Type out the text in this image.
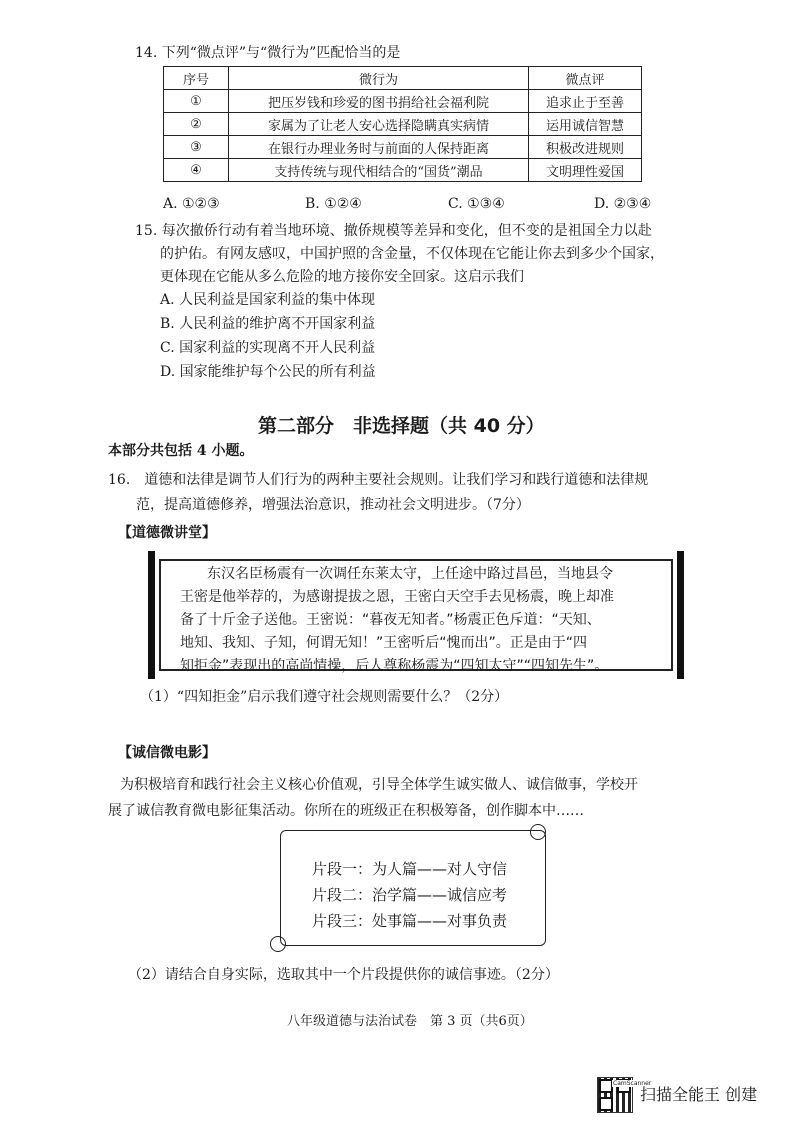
14. 下列“微点评”与“微行为”匹配恰当的是
序号	微行为	微点评
①	把压岁钱和珍爱的图书捐给社会福利院	追求止于至善
②	家属为了让老人安心选择隐瞒真实病情	运用诚信智慧
③	在银行办理业务时与前面的人保持距离	积极改进规则
④	支持传统与现代相结合的“国货”潮品	文明理性爱国
A. ①②③	B. ①②④	C. ①③④	D. ②③④
15. 每次撤侨行动有着当地环境、撤侨规模等差异和变化，但不变的是祖国全力以赴
的护佑。有网友感叹，中国护照的含金量，不仅体现在它能让你去到多少个国家，
更体现在它能从多么危险的地方接你安全回家。这启示我们
A. 人民利益是国家利益的集中体现
B. 人民利益的维护离不开国家利益
C. 国家利益的实现离不开人民利益
D. 国家能维护每个公民的所有利益
第二部分　非选择题（共 40 分）
本部分共包括 4 小题。
16.　道德和法律是调节人们行为的两种主要社会规则。让我们学习和践行道德和法律规
范，提高道德修养，增强法治意识，推动社会文明进步。（7分）
【道德微讲堂】
东汉名臣杨震有一次调任东莱太守，上任途中路过昌邑，当地县令
王密是他举荐的，为感谢提拔之恩，王密白天空手去见杨震，晚上却准
备了十斤金子送他。王密说：“暮夜无知者。”杨震正色斥道：“天知、
地知、我知、子知，何谓无知！”王密听后“愧而出”。正是由于“四
知拒金”表现出的高尚情操，后人尊称杨震为“四知太守”“四知先生”。
（1）“四知拒金”启示我们遵守社会规则需要什么？（2分）
【诚信微电影】
为积极培育和践行社会主义核心价值观，引导全体学生诚实做人、诚信做事，学校开
展了诚信教育微电影征集活动。你所在的班级正在积极筹备，创作脚本中……
片段一：为人篇——对人守信
片段二：治学篇——诚信应考
片段三：处事篇——对事负责
（2）请结合自身实际，选取其中一个片段提供你的诚信事迹。（2分）
八年级道德与法治试卷　第 3 页（共6页）
CamScanner
扫描全能王 创建
